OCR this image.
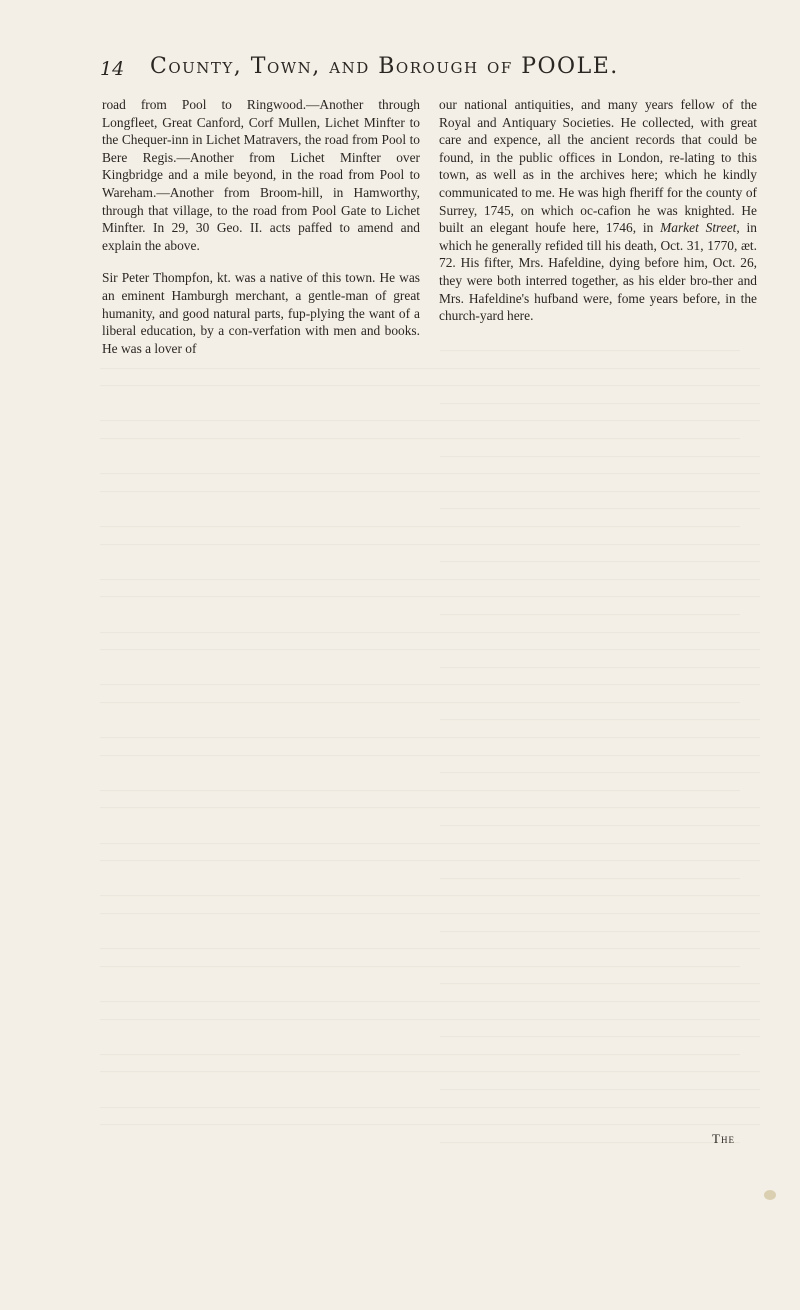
14 County, Town, and Borough of POOLE.

road from Pool to Ringwood.—Another through Longfleet, Great Canford, Corf Mullen, Lichet Minfter to the Chequer-inn in Lichet Matravers, the road from Pool to Bere Regis.—Another from Lichet Minfter over Kingbridge and a mile beyond, in the road from Pool to Wareham.—Another from Broom-hill, in Hamworthy, through that village, to the road from Pool Gate to Lichet Minfter. In 29, 30 Geo. II. acts paffed to amend and explain the above.

Sir Peter Thompfon, kt. was a native of this town. He was an eminent Hamburgh merchant, a gentle-man of great humanity, and good natural parts, fup-plying the want of a liberal education, by a con-verfation with men and books. He was a lover of

our national antiquities, and many years fellow of the Royal and Antiquary Societies. He collected, with great care and expence, all the ancient records that could be found, in the public offices in London, re-lating to this town, as well as in the archives here; which he kindly communicated to me. He was high fheriff for the county of Surrey, 1745, on which oc-cafion he was knighted. He built an elegant houfe here, 1746, in Market Street, in which he generally refided till his death, Oct. 31, 1770, æt. 72. His fifter, Mrs. Hafeldine, dying before him, Oct. 26, they were both interred together, as his elder bro-ther and Mrs. Hafeldine's hufband were, fome years before, in the church-yard here.

The
